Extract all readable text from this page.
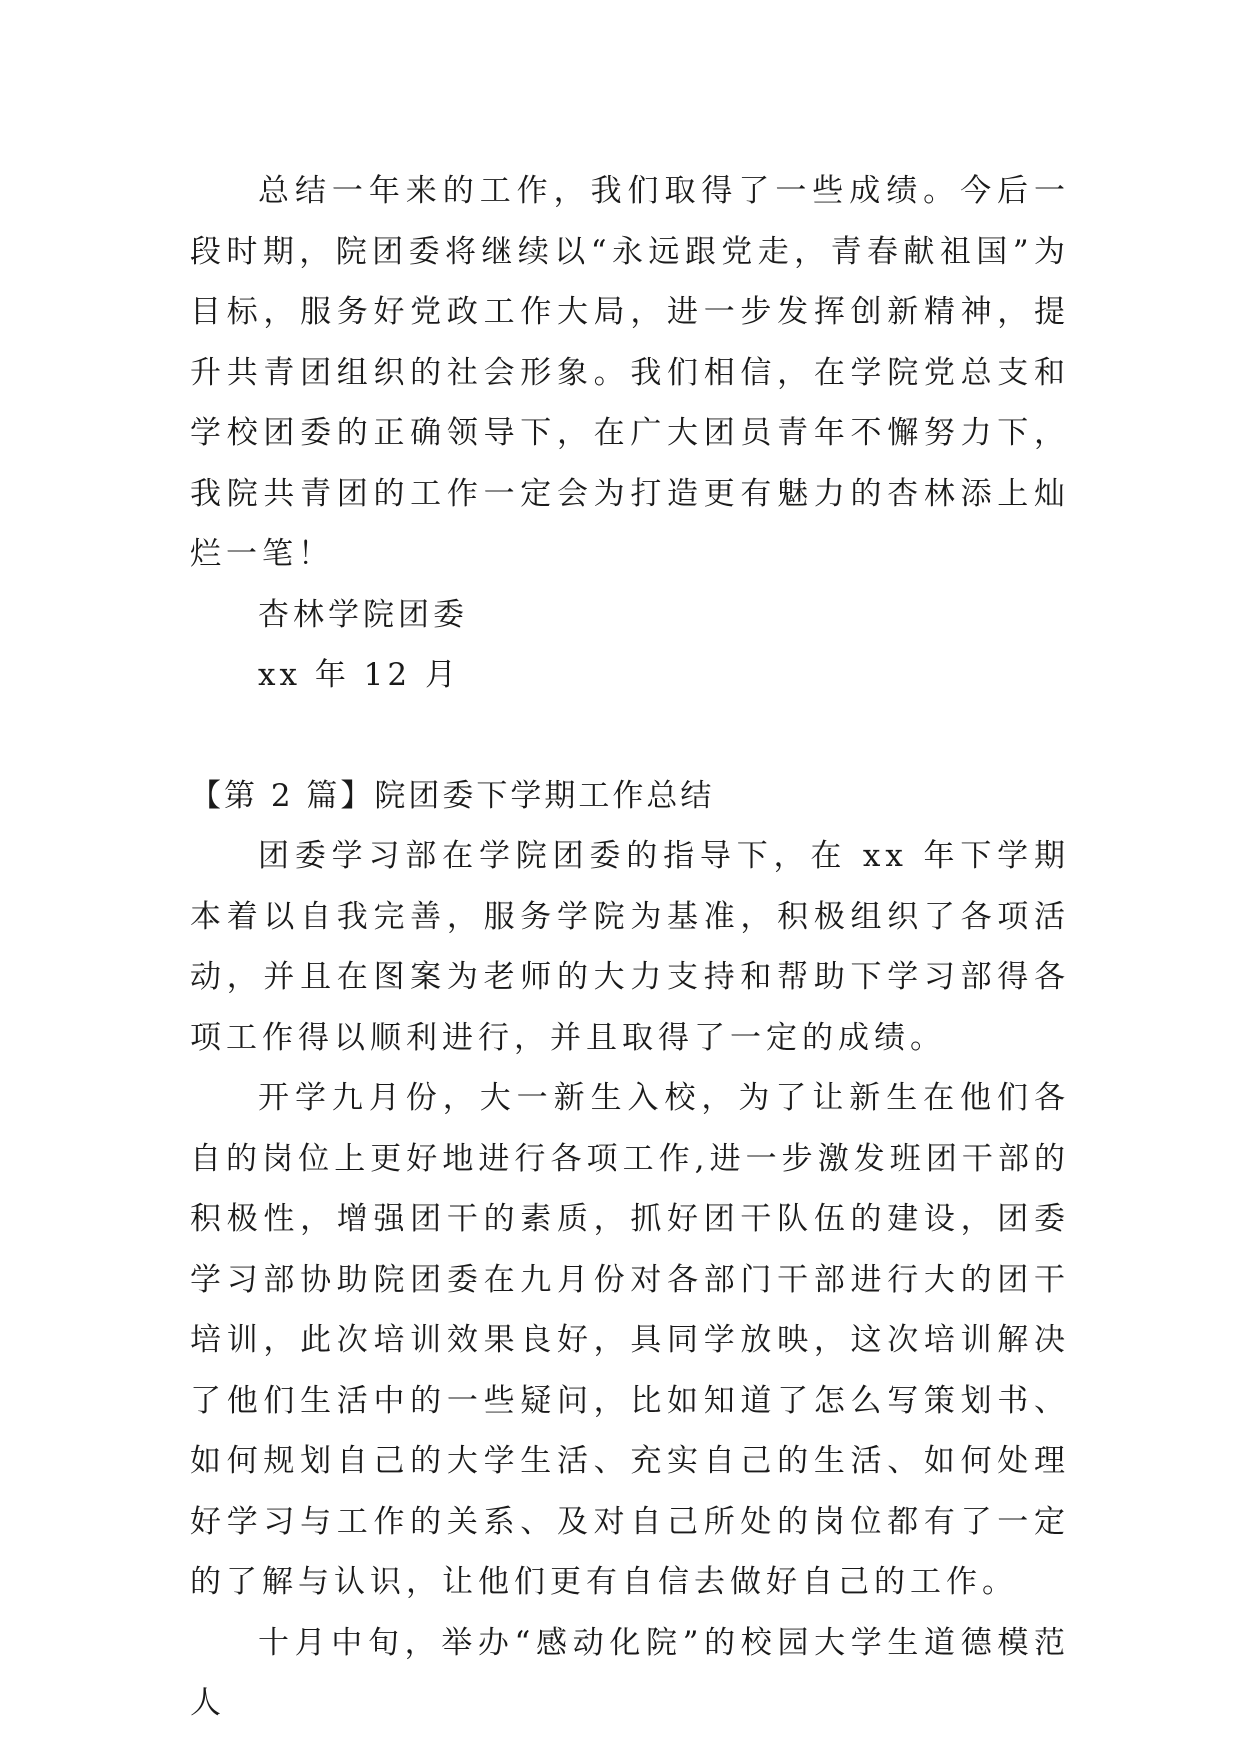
总结一年来的工作，我们取得了一些成绩。今后一段时期，院团委将继续以“永远跟党走，青春献祖国”为目标，服务好党政工作大局，进一步发挥创新精神，提升共青团组织的社会形象。我们相信，在学院党总支和学校团委的正确领导下，在广大团员青年不懈努力下，我院共青团的工作一定会为打造更有魅力的杏林添上灿烂一笔！

杏林学院团委

xx 年 12 月

【第 2 篇】院团委下学期工作总结

团委学习部在学院团委的指导下，在 xx 年下学期本着以自我完善，服务学院为基准，积极组织了各项活动，并且在图案为老师的大力支持和帮助下学习部得各项工作得以顺利进行，并且取得了一定的成绩。

开学九月份，大一新生入校，为了让新生在他们各自的岗位上更好地进行各项工作,进一步激发班团干部的积极性，增强团干的素质，抓好团干队伍的建设，团委学习部协助院团委在九月份对各部门干部进行大的团干培训，此次培训效果良好，具同学放映，这次培训解决了他们生活中的一些疑问，比如知道了怎么写策划书、如何规划自己的大学生活、充实自己的生活、如何处理好学习与工作的关系、及对自己所处的岗位都有了一定的了解与认识，让他们更有自信去做好自己的工作。

十月中旬，举办“感动化院”的校园大学生道德模范人
